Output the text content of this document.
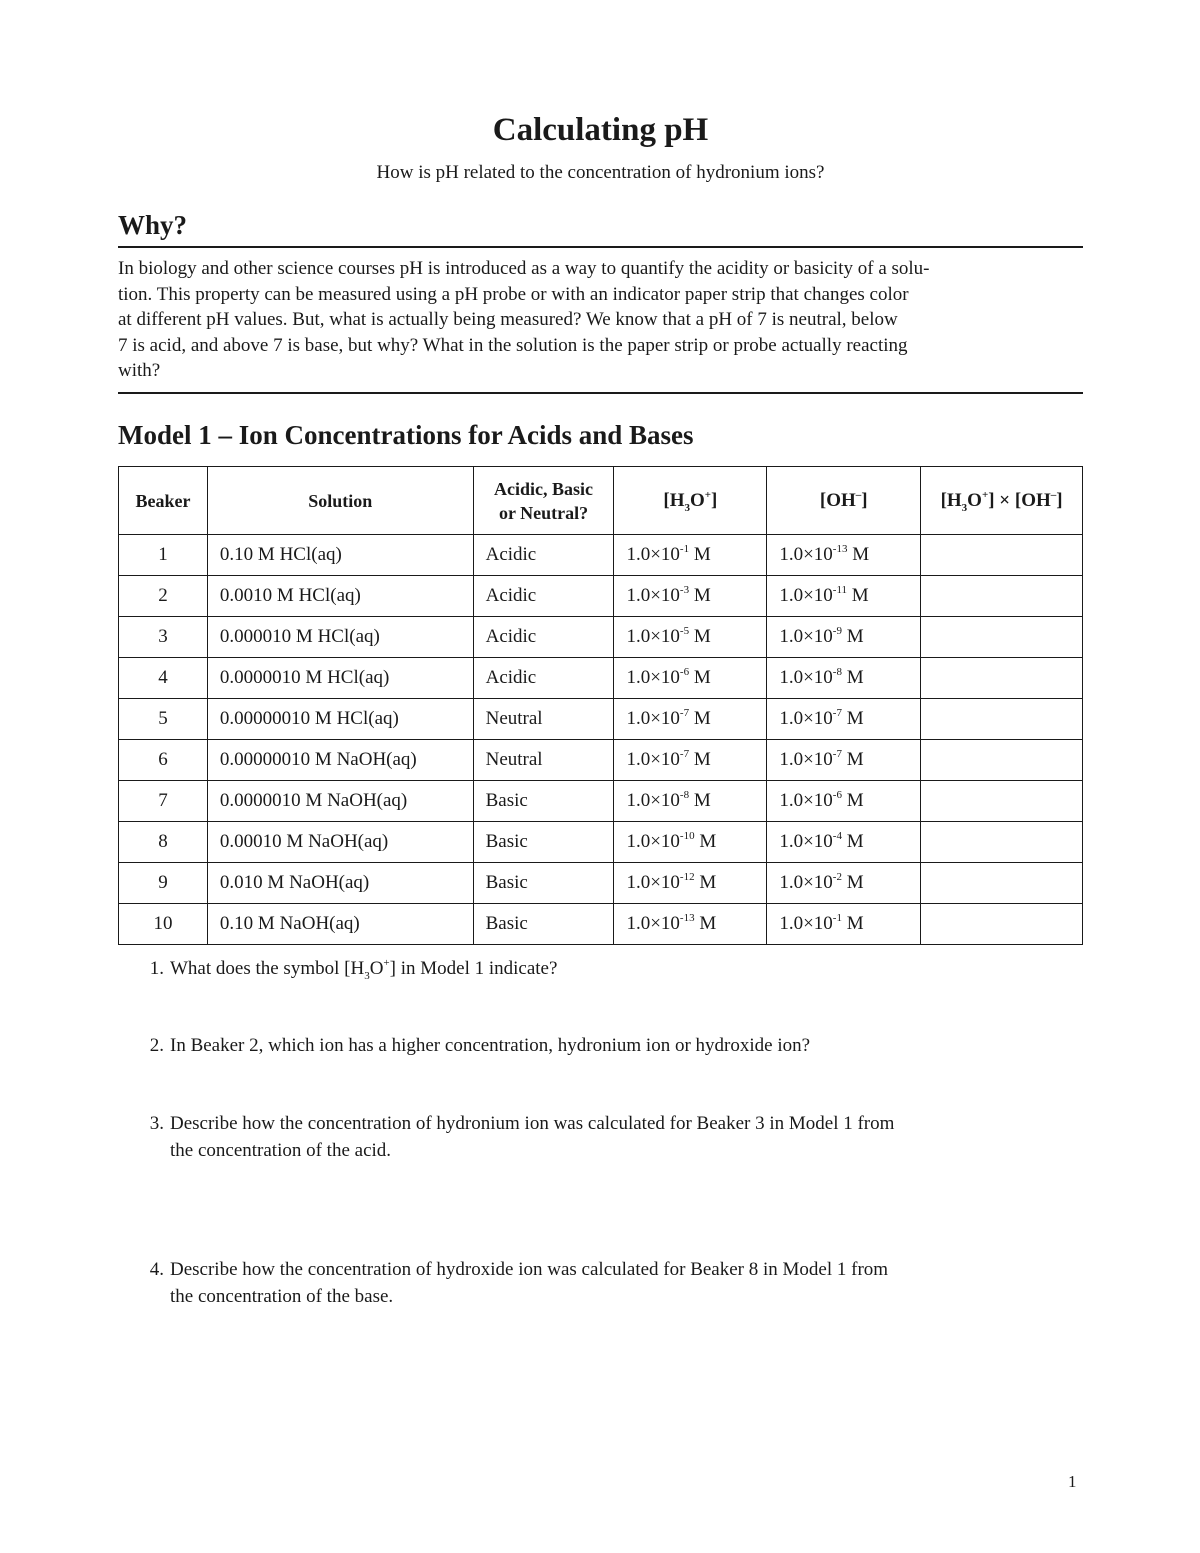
Calculating pH
How is pH related to the concentration of hydronium ions?
Why?
In biology and other science courses pH is introduced as a way to quantify the acidity or basicity of a solu-
tion. This property can be measured using a pH probe or with an indicator paper strip that changes color
at different pH values. But, what is actually being measured? We know that a pH of 7 is neutral, below
7 is acid, and above 7 is base, but why? What in the solution is the paper strip or probe actually reacting
with?
Model 1 – Ion Concentrations for Acids and Bases
Beaker	Solution	Acidic, Basic
or Neutral?	$[H_3O^+]$	[OH–]	$[H_3O^+] \times [OH^-]$
1	0.10 M HCl(aq)	Acidic	$1.0\times 10^{-1}$ M	$1.0\times 10^{-13}$ M	
2	0.0010 M HCl(aq)	Acidic	$1.0\times 10^{-3}$ M	$1.0\times 10^{-11}$ M	
3	0.000010 M HCl(aq)	Acidic	$1.0\times 10^{-5}$ M	$1.0\times 10^{-9}$ M	
4	0.0000010 M HCl(aq)	Acidic	$1.0\times 10^{-6}$ M	$1.0\times 10^{-8}$ M	
5	0.00000010 M HCl(aq)	Neutral	$1.0\times 10^{-7}$ M	$1.0\times 10^{-7}$ M	
6	0.00000010 M NaOH(aq)	Neutral	$1.0\times 10^{-7}$ M	$1.0\times 10^{-7}$ M	
7	0.0000010 M NaOH(aq)	Basic	$1.0\times 10^{-8}$ M	$1.0\times 10^{-6}$ M	
8	0.00010 M NaOH(aq)	Basic	$1.0\times 10^{-10}$ M	$1.0\times 10^{-4}$ M	
9	0.010 M NaOH(aq)	Basic	$1.0\times 10^{-12}$ M	$1.0\times 10^{-2}$ M	
10	0.10 M NaOH(aq)	Basic	$1.0\times 10^{-13}$ M	$1.0\times 10^{-1}$ M	
1. What does the symbol $[H_3O^+]$ in Model 1 indicate?
2. In Beaker 2, which ion has a higher concentration, hydronium ion or hydroxide ion?
3. Describe how the concentration of hydronium ion was calculated for Beaker 3 in Model 1 from
the concentration of the acid.
4. Describe how the concentration of hydroxide ion was calculated for Beaker 8 in Model 1 from
the concentration of the base.
1
